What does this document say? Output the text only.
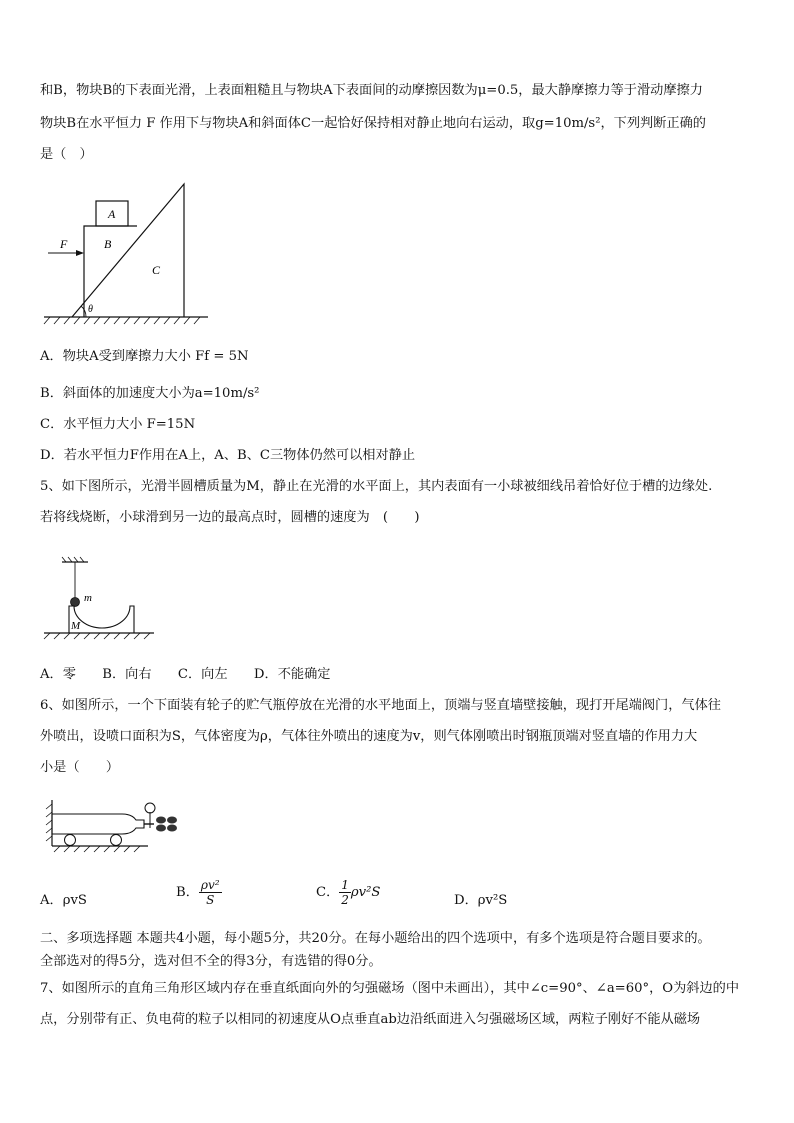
和B，物块B的下表面光滑，上表面粗糙且与物块A下表面间的动摩擦因数为μ=0.5，最大静摩擦力等于滑动摩擦力
物块B在水平恒力 F 作用下与物块A和斜面体C一起恰好保持相对静止地向右运动，取g=10m/s²，下列判断正确的
是（　）
A
B
C
F
θ
A．物块A受到摩擦力大小 Ff = 5N
B．斜面体的加速度大小为a=10m/s²
C．水平恒力大小 F=15N
D．若水平恒力F作用在A上，A、B、C三物体仍然可以相对静止
5、如下图所示，光滑半圆槽质量为M，静止在光滑的水平面上，其内表面有一小球被细线吊着恰好位于槽的边缘处.
若将线烧断，小球滑到另一边的最高点时，圆槽的速度为　(　　)
m
M
A．零　　B．向右　　C．向左　　D．不能确定
6、如图所示，一个下面装有轮子的贮气瓶停放在光滑的水平地面上，顶端与竖直墙壁接触，现打开尾端阀门，气体往
外喷出，设喷口面积为S，气体密度为ρ，气体往外喷出的速度为v，则气体刚喷出时钢瓶顶端对竖直墙的作用力大
小是（　　）
A．ρvS
B． $\frac{\text{ρv²}}{S}$	C． $\frac{1}{2} \rho v^2S$
D．ρv²S
二、多项选择题 本题共4小题，每小题5分，共20分。在每小题给出的四个选项中，有多个选项是符合题目要求的。
全部选对的得5分，选对但不全的得3分，有选错的得0分。
7、如图所示的直角三角形区域内存在垂直纸面向外的匀强磁场（图中未画出），其中∠c=90°、∠a=60°，O为斜边的中
点，分别带有正、负电荷的粒子以相同的初速度从O点垂直ab边沿纸面进入匀强磁场区域，两粒子刚好不能从磁场
